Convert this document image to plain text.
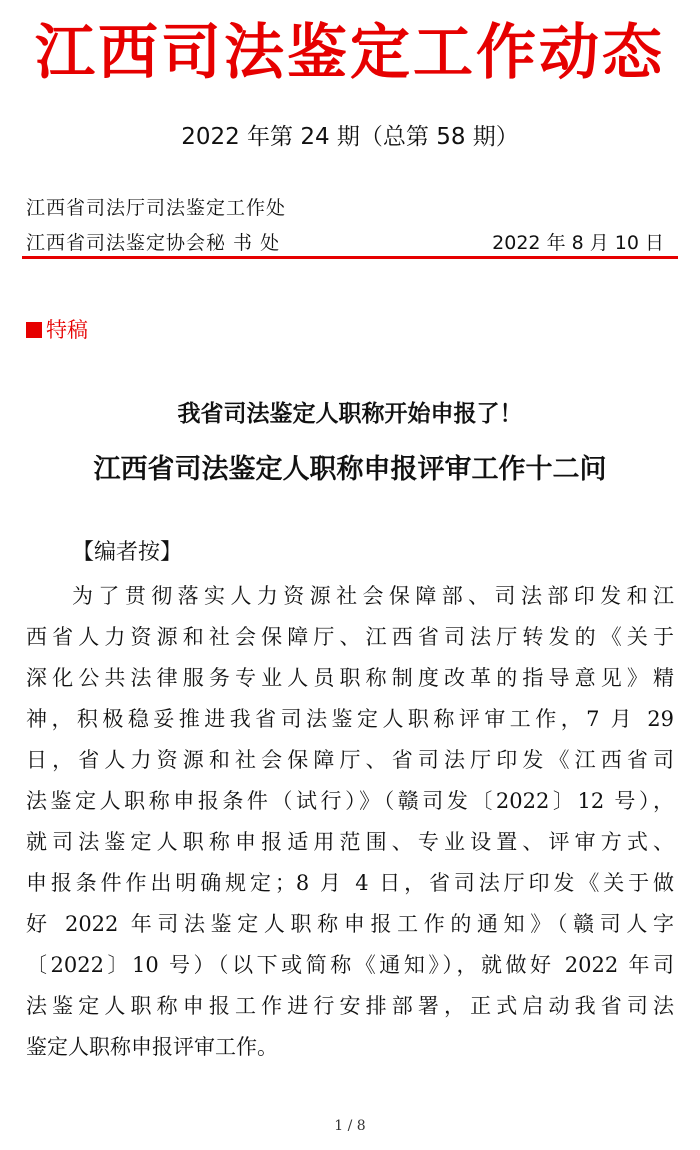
江西司法鉴定工作动态
2022 年第 24 期（总第 58 期）
江西省司法厅司法鉴定工作处
江西省司法鉴定协会秘 书 处	2022 年 8 月 10 日
特稿
我省司法鉴定人职称开始申报了！
江西省司法鉴定人职称申报评审工作十二问
【编者按】
为了贯彻落实人力资源社会保障部、司法部印发和江
西省人力资源和社会保障厅、江西省司法厅转发的《关于
深化公共法律服务专业人员职称制度改革的指导意见》精
神，积极稳妥推进我省司法鉴定人职称评审工作，7 月 29
日，省人力资源和社会保障厅、省司法厅印发《江西省司
法鉴定人职称申报条件（试行）》（赣司发〔2022〕12 号），
就司法鉴定人职称申报适用范围、专业设置、评审方式、
申报条件作出明确规定；8 月 4 日，省司法厅印发《关于做
好 2022 年司法鉴定人职称申报工作的通知》（赣司人字
〔2022〕10 号）（以下或简称《通知》），就做好 2022 年司
法鉴定人职称申报工作进行安排部署，正式启动我省司法
鉴定人职称申报评审工作。
1 / 8
